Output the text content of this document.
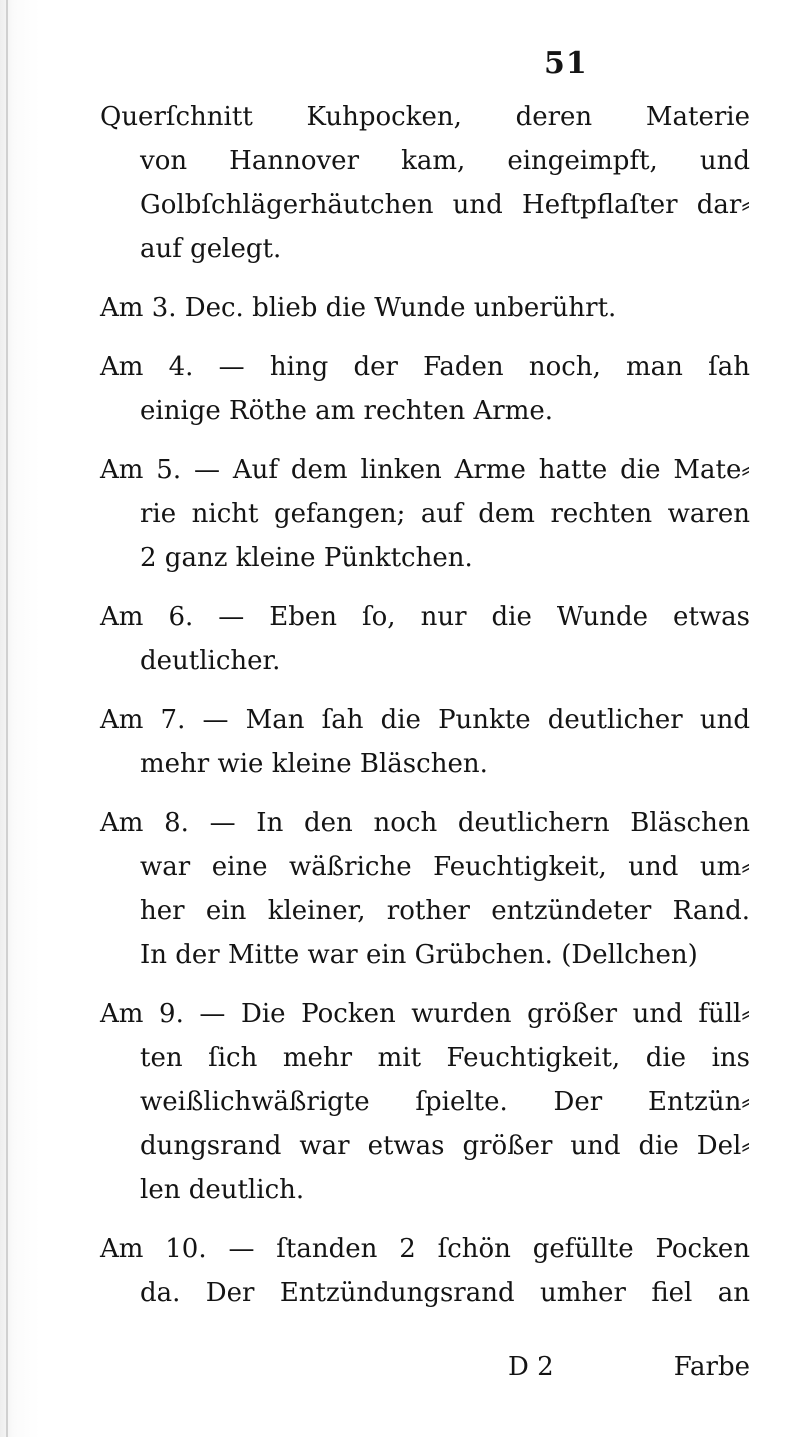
51

Querſchnitt Kuhpocken, deren Materie
von Hannover kam, eingeimpft, und
Golbſchlägerhäutchen und Heftpflaſter dar⸗
auf gelegt.

Am 3. Dec. blieb die Wunde unberührt.

Am 4. — hing der Faden noch, man ſah
einige Röthe am rechten Arme.

Am 5. — Auf dem linken Arme hatte die Mate⸗
rie nicht gefangen; auf dem rechten waren
2 ganz kleine Pünktchen.

Am 6. — Eben ſo, nur die Wunde etwas
deutlicher.

Am 7. — Man ſah die Punkte deutlicher und
mehr wie kleine Bläschen.

Am 8. — In den noch deutlichern Bläschen
war eine wäßriche Feuchtigkeit, und um⸗
her ein kleiner, rother entzündeter Rand.
In der Mitte war ein Grübchen. (Dellchen)

Am 9. — Die Pocken wurden größer und füll⸗
ten ſich mehr mit Feuchtigkeit, die ins
weißlichwäßrigte ſpielte. Der Entzün⸗
dungsrand war etwas größer und die Del⸗
len deutlich.

Am 10. — ſtanden 2 ſchön gefüllte Pocken
da. Der Entzündungsrand umher fiel an

D 2	Farbe
